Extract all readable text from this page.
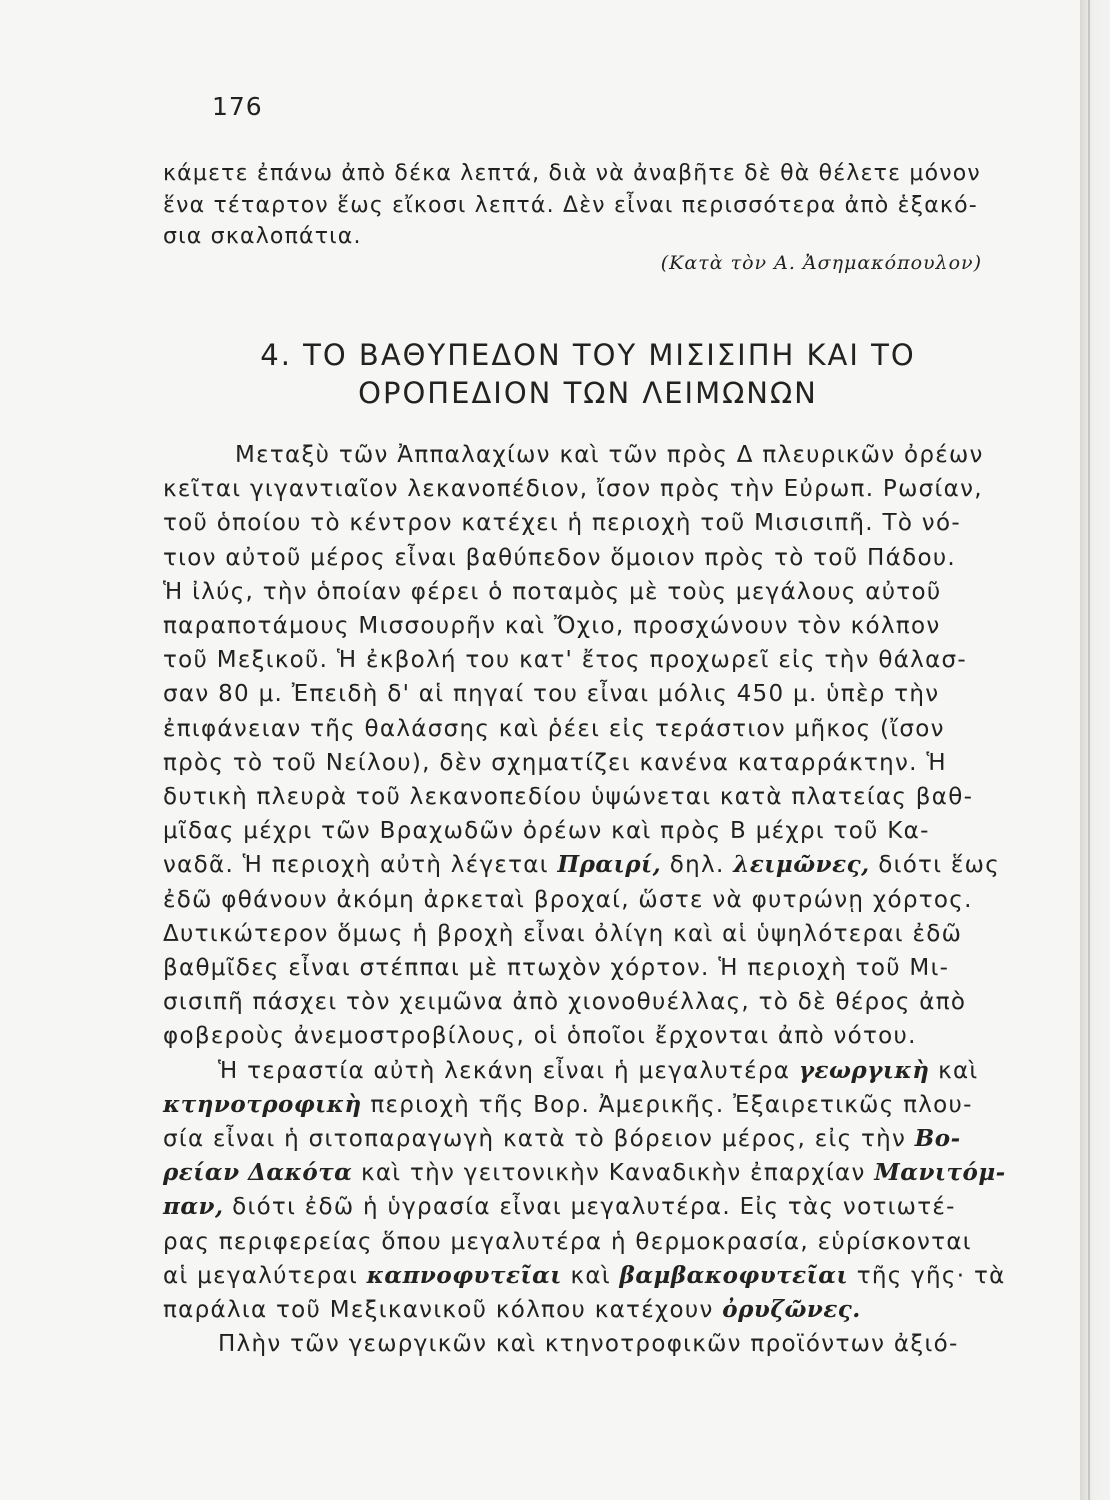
176
κάμετε ἐπάνω ἀπὸ δέκα λεπτά, διὰ νὰ ἀναβῆτε δὲ θὰ θέλετε μόνον
ἕνα τέταρτον ἕως εἴκοσι λεπτά. Δὲν εἶναι περισσότερα ἀπὸ ἑξακό-
σια σκαλοπάτια.
(Κατὰ τὸν Α. Ἀσημακόπουλον)
4. ΤΟ ΒΑΘΥΠΕΔΟΝ ΤΟΥ ΜΙΣΙΣΙΠΗ ΚΑΙ ΤΟ
ΟΡΟΠΕΔΙΟΝ ΤΩΝ ΛΕΙΜΩΝΩΝ
Μεταξὺ τῶν Ἀππαλαχίων καὶ τῶν πρὸς Δ πλευρικῶν ὀρέων
κεῖται γιγαντιαῖον λεκανοπέδιον, ἴσον πρὸς τὴν Εὐρωπ. Ρωσίαν,
τοῦ ὁποίου τὸ κέντρον κατέχει ἡ περιοχὴ τοῦ Μισισιπῆ. Τὸ νό-
τιον αὐτοῦ μέρος εἶναι βαθύπεδον ὅμοιον πρὸς τὸ τοῦ Πάδου.
Ἡ ἰλύς, τὴν ὁποίαν φέρει ὁ ποταμὸς μὲ τοὺς μεγάλους αὐτοῦ
παραποτάμους Μισσουρῆν καὶ Ὄχιο, προσχώνουν τὸν κόλπον
τοῦ Μεξικοῦ. Ἡ ἐκβολή του κατ' ἔτος προχωρεῖ εἰς τὴν θάλασ-
σαν 80 μ. Ἐπειδὴ δ' αἱ πηγαί του εἶναι μόλις 450 μ. ὑπὲρ τὴν
ἐπιφάνειαν τῆς θαλάσσης καὶ ῥέει εἰς τεράστιον μῆκος (ἴσον
πρὸς τὸ τοῦ Νείλου), δὲν σχηματίζει κανένα καταρράκτην. Ἡ
δυτικὴ πλευρὰ τοῦ λεκανοπεδίου ὑψώνεται κατὰ πλατείας βαθ-
μῖδας μέχρι τῶν Βραχωδῶν ὀρέων καὶ πρὸς Β μέχρι τοῦ Κα-
ναδᾶ. Ἡ περιοχὴ αὐτὴ λέγεται Πραιρί, δηλ. λειμῶνες, διότι ἕως
ἐδῶ φθάνουν ἀκόμη ἀρκεταὶ βροχαί, ὥστε νὰ φυτρώνῃ χόρτος.
Δυτικώτερον ὅμως ἡ βροχὴ εἶναι ὀλίγη καὶ αἱ ὑψηλότεραι ἐδῶ
βαθμῖδες εἶναι στέππαι μὲ πτωχὸν χόρτον. Ἡ περιοχὴ τοῦ Μι-
σισιπῆ πάσχει τὸν χειμῶνα ἀπὸ χιονοθυέλλας, τὸ δὲ θέρος ἀπὸ
φοβεροὺς ἀνεμοστροβίλους, οἱ ὁποῖοι ἔρχονται ἀπὸ νότου.
Ἡ τεραστία αὐτὴ λεκάνη εἶναι ἡ μεγαλυτέρα γεωργικὴ καὶ
κτηνοτροφικὴ περιοχὴ τῆς Βορ. Ἀμερικῆς. Ἐξαιρετικῶς πλου-
σία εἶναι ἡ σιτοπαραγωγὴ κατὰ τὸ βόρειον μέρος, εἰς τὴν Βο-
ρείαν Δακότα καὶ τὴν γειτονικὴν Καναδικὴν ἐπαρχίαν Μανιτόμ-
παν, διότι ἐδῶ ἡ ὑγρασία εἶναι μεγαλυτέρα. Εἰς τὰς νοτιωτέ-
ρας περιφερείας ὅπου μεγαλυτέρα ἡ θερμοκρασία, εὑρίσκονται
αἱ μεγαλύτεραι καπνοφυτεῖαι καὶ βαμβακοφυτεῖαι τῆς γῆς· τὰ
παράλια τοῦ Μεξικανικοῦ κόλπου κατέχουν ὀρυζῶνες.
Πλὴν τῶν γεωργικῶν καὶ κτηνοτροφικῶν προϊόντων ἀξιό-
